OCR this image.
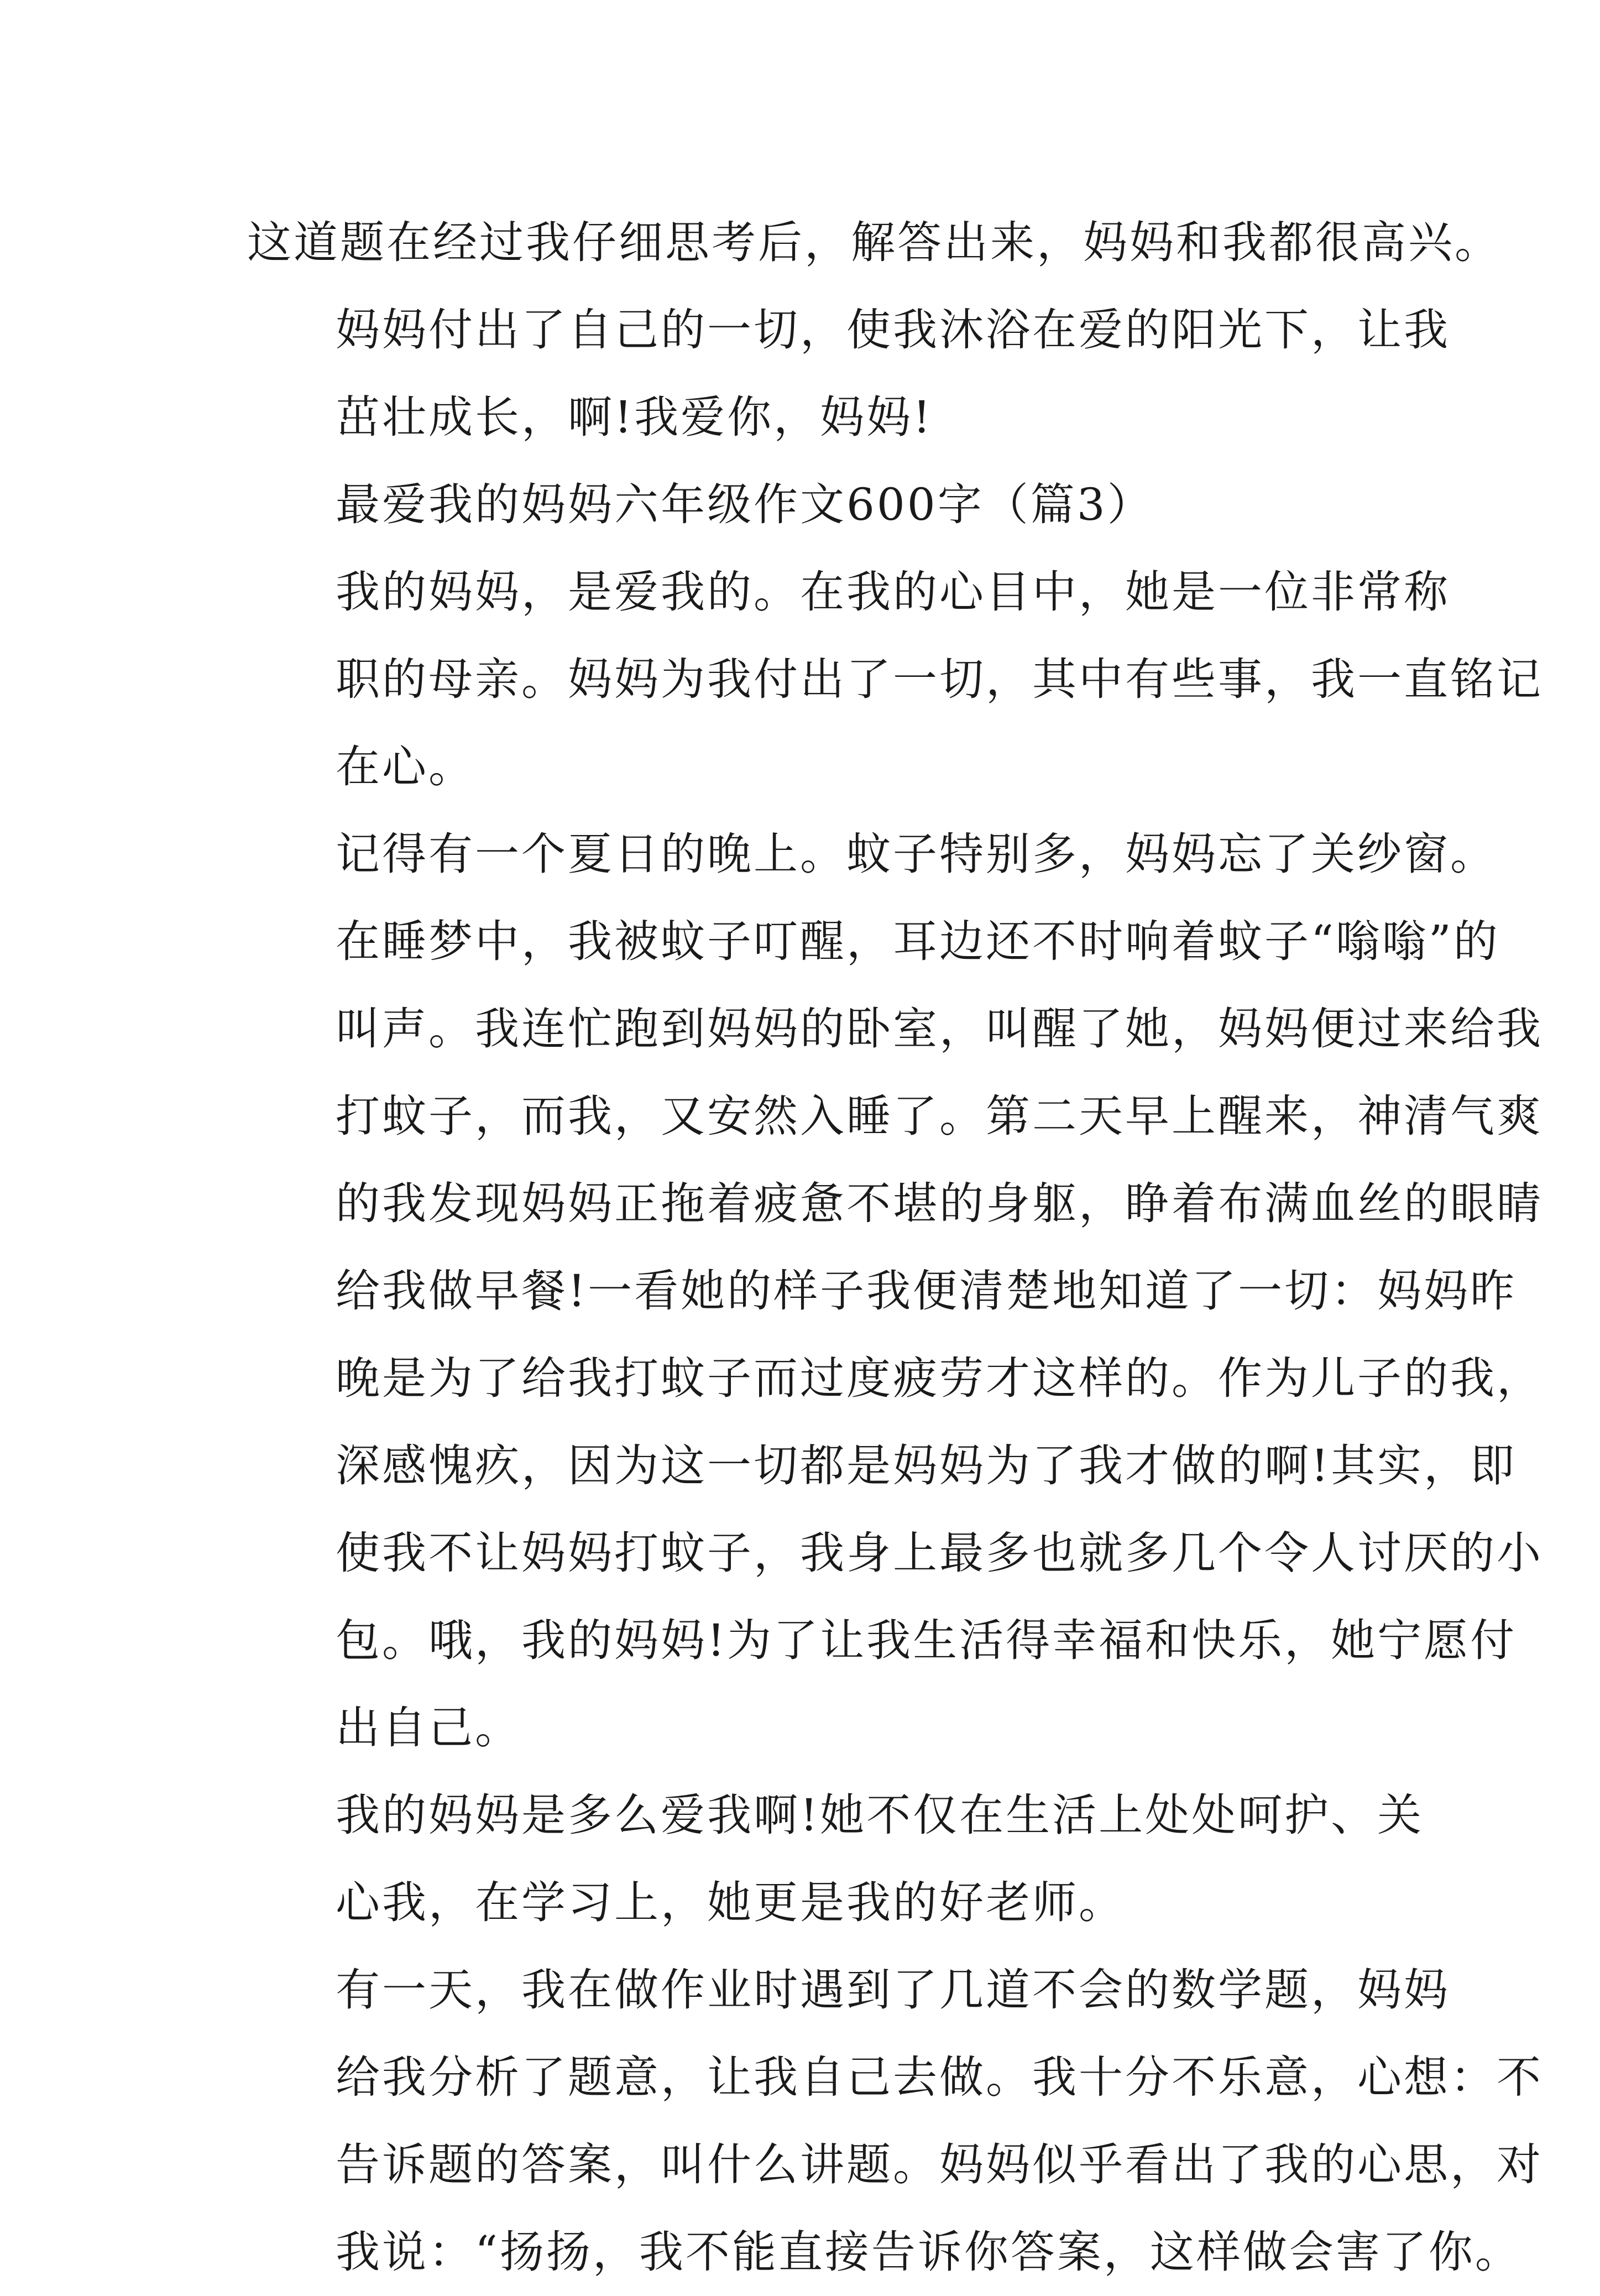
这道题在经过我仔细思考后，解答出来，妈妈和我都很高兴。

妈妈付出了自己的一切，使我沐浴在爱的阳光下，让我
茁壮成长，啊!我爱你，妈妈!

最爱我的妈妈六年级作文600字（篇3）

我的妈妈，是爱我的。在我的心目中，她是一位非常称
职的母亲。妈妈为我付出了一切，其中有些事，我一直铭记
在心。

记得有一个夏日的晚上。蚊子特别多，妈妈忘了关纱窗。
在睡梦中，我被蚊子叮醒，耳边还不时响着蚊子“嗡嗡”的
叫声。我连忙跑到妈妈的卧室，叫醒了她，妈妈便过来给我
打蚊子，而我，又安然入睡了。第二天早上醒来，神清气爽
的我发现妈妈正拖着疲惫不堪的身躯，睁着布满血丝的眼睛
给我做早餐!一看她的样子我便清楚地知道了一切：妈妈昨
晚是为了给我打蚊子而过度疲劳才这样的。作为儿子的我，
深感愧疚，因为这一切都是妈妈为了我才做的啊!其实，即
使我不让妈妈打蚊子，我身上最多也就多几个令人讨厌的小
包。哦，我的妈妈!为了让我生活得幸福和快乐，她宁愿付
出自己。

我的妈妈是多么爱我啊!她不仅在生活上处处呵护、关
心我，在学习上，她更是我的好老师。

有一天，我在做作业时遇到了几道不会的数学题，妈妈
给我分析了题意，让我自己去做。我十分不乐意，心想：不
告诉题的答案，叫什么讲题。妈妈似乎看出了我的心思，对
我说：“扬扬，我不能直接告诉你答案，这样做会害了你。
